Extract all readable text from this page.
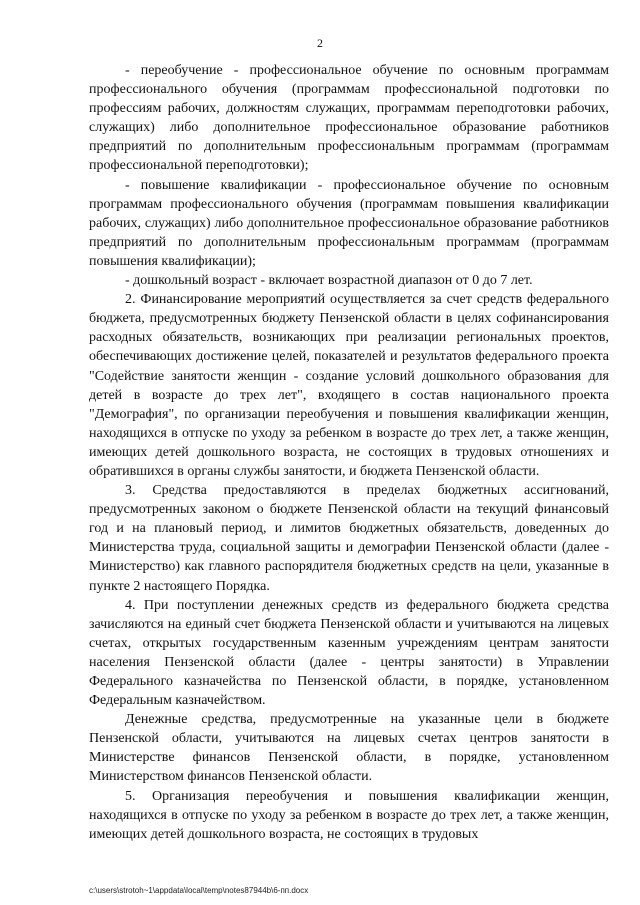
2

- переобучение - профессиональное обучение по основным программам профессионального обучения (программам профессиональной подготовки по профессиям рабочих, должностям служащих, программам переподготовки рабочих, служащих) либо дополнительное профессиональное образование работников предприятий по дополнительным профессиональным программам (программам профессиональной переподготовки);

- повышение квалификации - профессиональное обучение по основным программам профессионального обучения (программам повышения квалификации рабочих, служащих) либо дополнительное профессиональное образование работников предприятий по дополнительным профессиональным программам (программам повышения квалификации);

- дошкольный возраст - включает возрастной диапазон от 0 до 7 лет.

2. Финансирование мероприятий осуществляется за счет средств федерального бюджета, предусмотренных бюджету Пензенской области в целях софинансирования расходных обязательств, возникающих при реализации региональных проектов, обеспечивающих достижение целей, показателей и результатов федерального проекта "Содействие занятости женщин - создание условий дошкольного образования для детей в возрасте до трех лет", входящего в состав национального проекта "Демография", по организации переобучения и повышения квалификации женщин, находящихся в отпуске по уходу за ребенком в возрасте до трех лет, а также женщин, имеющих детей дошкольного возраста, не состоящих в трудовых отношениях и обратившихся в органы службы занятости, и бюджета Пензенской области.

3. Средства предоставляются в пределах бюджетных ассигнований, предусмотренных законом о бюджете Пензенской области на текущий финансовый год и на плановый период, и лимитов бюджетных обязательств, доведенных до Министерства труда, социальной защиты и демографии Пензенской области (далее - Министерство) как главного распорядителя бюджетных средств на цели, указанные в пункте 2 настоящего Порядка.

4. При поступлении денежных средств из федерального бюджета средства зачисляются на единый счет бюджета Пензенской области и учитываются на лицевых счетах, открытых государственным казенным учреждениям центрам занятости населения Пензенской области (далее - центры занятости) в Управлении Федерального казначейства по Пензенской области, в порядке, установленном Федеральным казначейством.

Денежные средства, предусмотренные на указанные цели в бюджете Пензенской области, учитываются на лицевых счетах центров занятости в Министерстве финансов Пензенской области, в порядке, установленном Министерством финансов Пензенской области.

5. Организация переобучения и повышения квалификации женщин, находящихся в отпуске по уходу за ребенком в возрасте до трех лет, а также женщин, имеющих детей дошкольного возраста, не состоящих в трудовых

c:\users\strotoh~1\appdata\local\temp\notes87944b\6-пп.docx
